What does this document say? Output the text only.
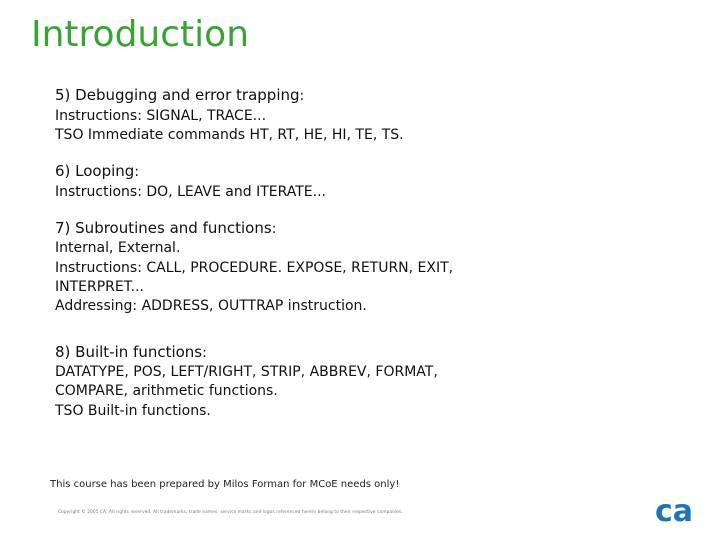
Introduction
5) Debugging and error trapping:
Instructions: SIGNAL, TRACE...
TSO Immediate commands HT, RT, HE, HI, TE, TS.
6) Looping:
Instructions: DO, LEAVE and ITERATE...
7) Subroutines and functions:
Internal, External.
Instructions: CALL, PROCEDURE. EXPOSE, RETURN, EXIT,
INTERPRET...
Addressing: ADDRESS, OUTTRAP instruction.
8) Built-in functions:
DATATYPE, POS, LEFT/RIGHT, STRIP, ABBREV, FORMAT,
COMPARE, arithmetic functions.
TSO Built-in functions.
This course has been prepared by Milos Forman for MCoE needs only!
Copyright © 2005 CA. All rights reserved. All trademarks, trade names, service marks and logos referenced herein belong to their respective companies.	ca
